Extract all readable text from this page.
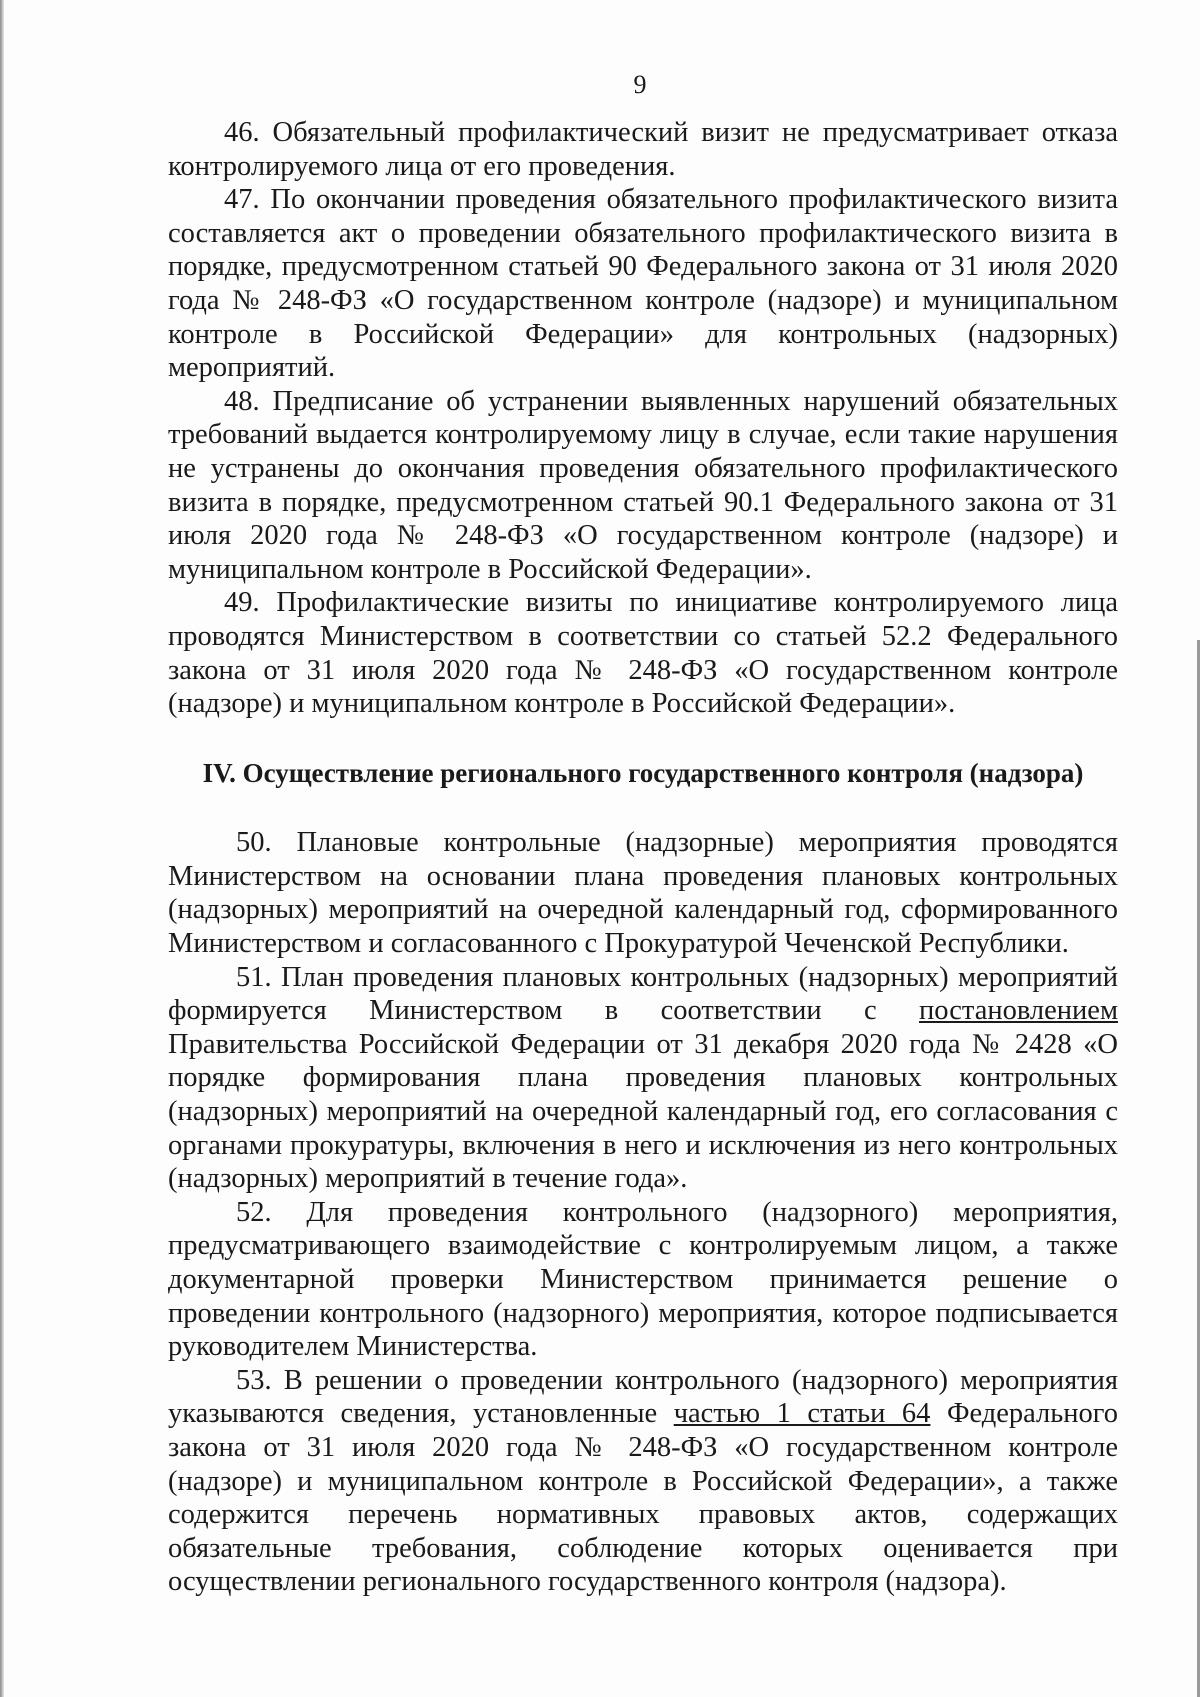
9

46. Обязательный профилактический визит не предусматривает отказа контролируемого лица от его проведения.

47. По окончании проведения обязательного профилактического визита составляется акт о проведении обязательного профилактического визита в порядке, предусмотренном статьей 90 Федерального закона от 31 июля 2020 года № 248-ФЗ «О государственном контроле (надзоре) и муниципальном контроле в Российской Федерации» для контрольных (надзорных) мероприятий.

48. Предписание об устранении выявленных нарушений обязательных требований выдается контролируемому лицу в случае, если такие нарушения не устранены до окончания проведения обязательного профилактического визита в порядке, предусмотренном статьей 90.1 Федерального закона от 31 июля 2020 года № 248-ФЗ «О государственном контроле (надзоре) и муниципальном контроле в Российской Федерации».

49. Профилактические визиты по инициативе контролируемого лица проводятся Министерством в соответствии со статьей 52.2 Федерального закона от 31 июля 2020 года № 248-ФЗ «О государственном контроле (надзоре) и муниципальном контроле в Российской Федерации».

IV. Осуществление регионального государственного контроля (надзора)

50. Плановые контрольные (надзорные) мероприятия проводятся Министерством на основании плана проведения плановых контрольных (надзорных) мероприятий на очередной календарный год, сформированного Министерством и согласованного с Прокуратурой Чеченской Республики.

51. План проведения плановых контрольных (надзорных) мероприятий формируется Министерством в соответствии с постановлением Правительства Российской Федерации от 31 декабря 2020 года № 2428 «О порядке формирования плана проведения плановых контрольных (надзорных) мероприятий на очередной календарный год, его согласования с органами прокуратуры, включения в него и исключения из него контрольных (надзорных) мероприятий в течение года».

52. Для проведения контрольного (надзорного) мероприятия, предусматривающего взаимодействие с контролируемым лицом, а также документарной проверки Министерством принимается решение о проведении контрольного (надзорного) мероприятия, которое подписывается руководителем Министерства.

53. В решении о проведении контрольного (надзорного) мероприятия указываются сведения, установленные частью 1 статьи 64 Федерального закона от 31 июля 2020 года № 248-ФЗ «О государственном контроле (надзоре) и муниципальном контроле в Российской Федерации», а также содержится перечень нормативных правовых актов, содержащих обязательные требования, соблюдение которых оценивается при осуществлении регионального государственного контроля (надзора).
